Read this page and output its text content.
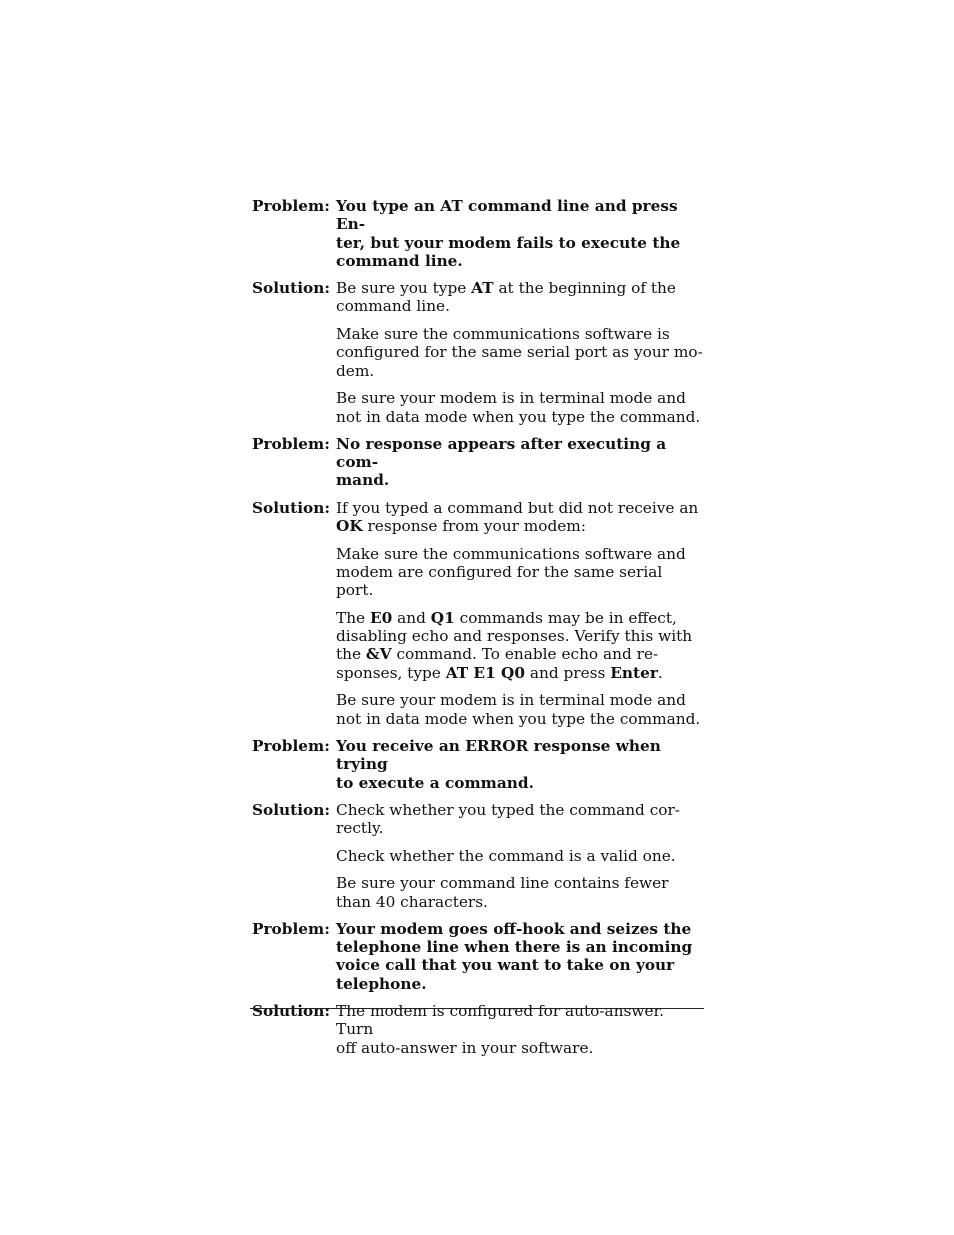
Problem: You type an AT command line and press En-
ter, but your modem fails to execute the
command line.
Solution: Be sure you type AT at the beginning of the
command line.

Make sure the communications software is
configured for the same serial port as your mo-
dem.

Be sure your modem is in terminal mode and
not in data mode when you type the command.

Problem: No response appears after executing a com-
mand.
Solution: If you typed a command but did not receive an
OK response from your modem:

Make sure the communications software and
modem are configured for the same serial port.

The E0 and Q1 commands may be in effect,
disabling echo and responses. Verify this with
the &V command. To enable echo and re-
sponses, type AT E1 Q0 and press Enter.

Be sure your modem is in terminal mode and
not in data mode when you type the command.

Problem: You receive an ERROR response when trying
to execute a command.
Solution: Check whether you typed the command cor-
rectly.

Check whether the command is a valid one.

Be sure your command line contains fewer
than 40 characters.

Problem: Your modem goes off-hook and seizes the
telephone line when there is an incoming
voice call that you want to take on your
telephone.
Solution: The modem is configured for auto-answer. Turn
off auto-answer in your software.
